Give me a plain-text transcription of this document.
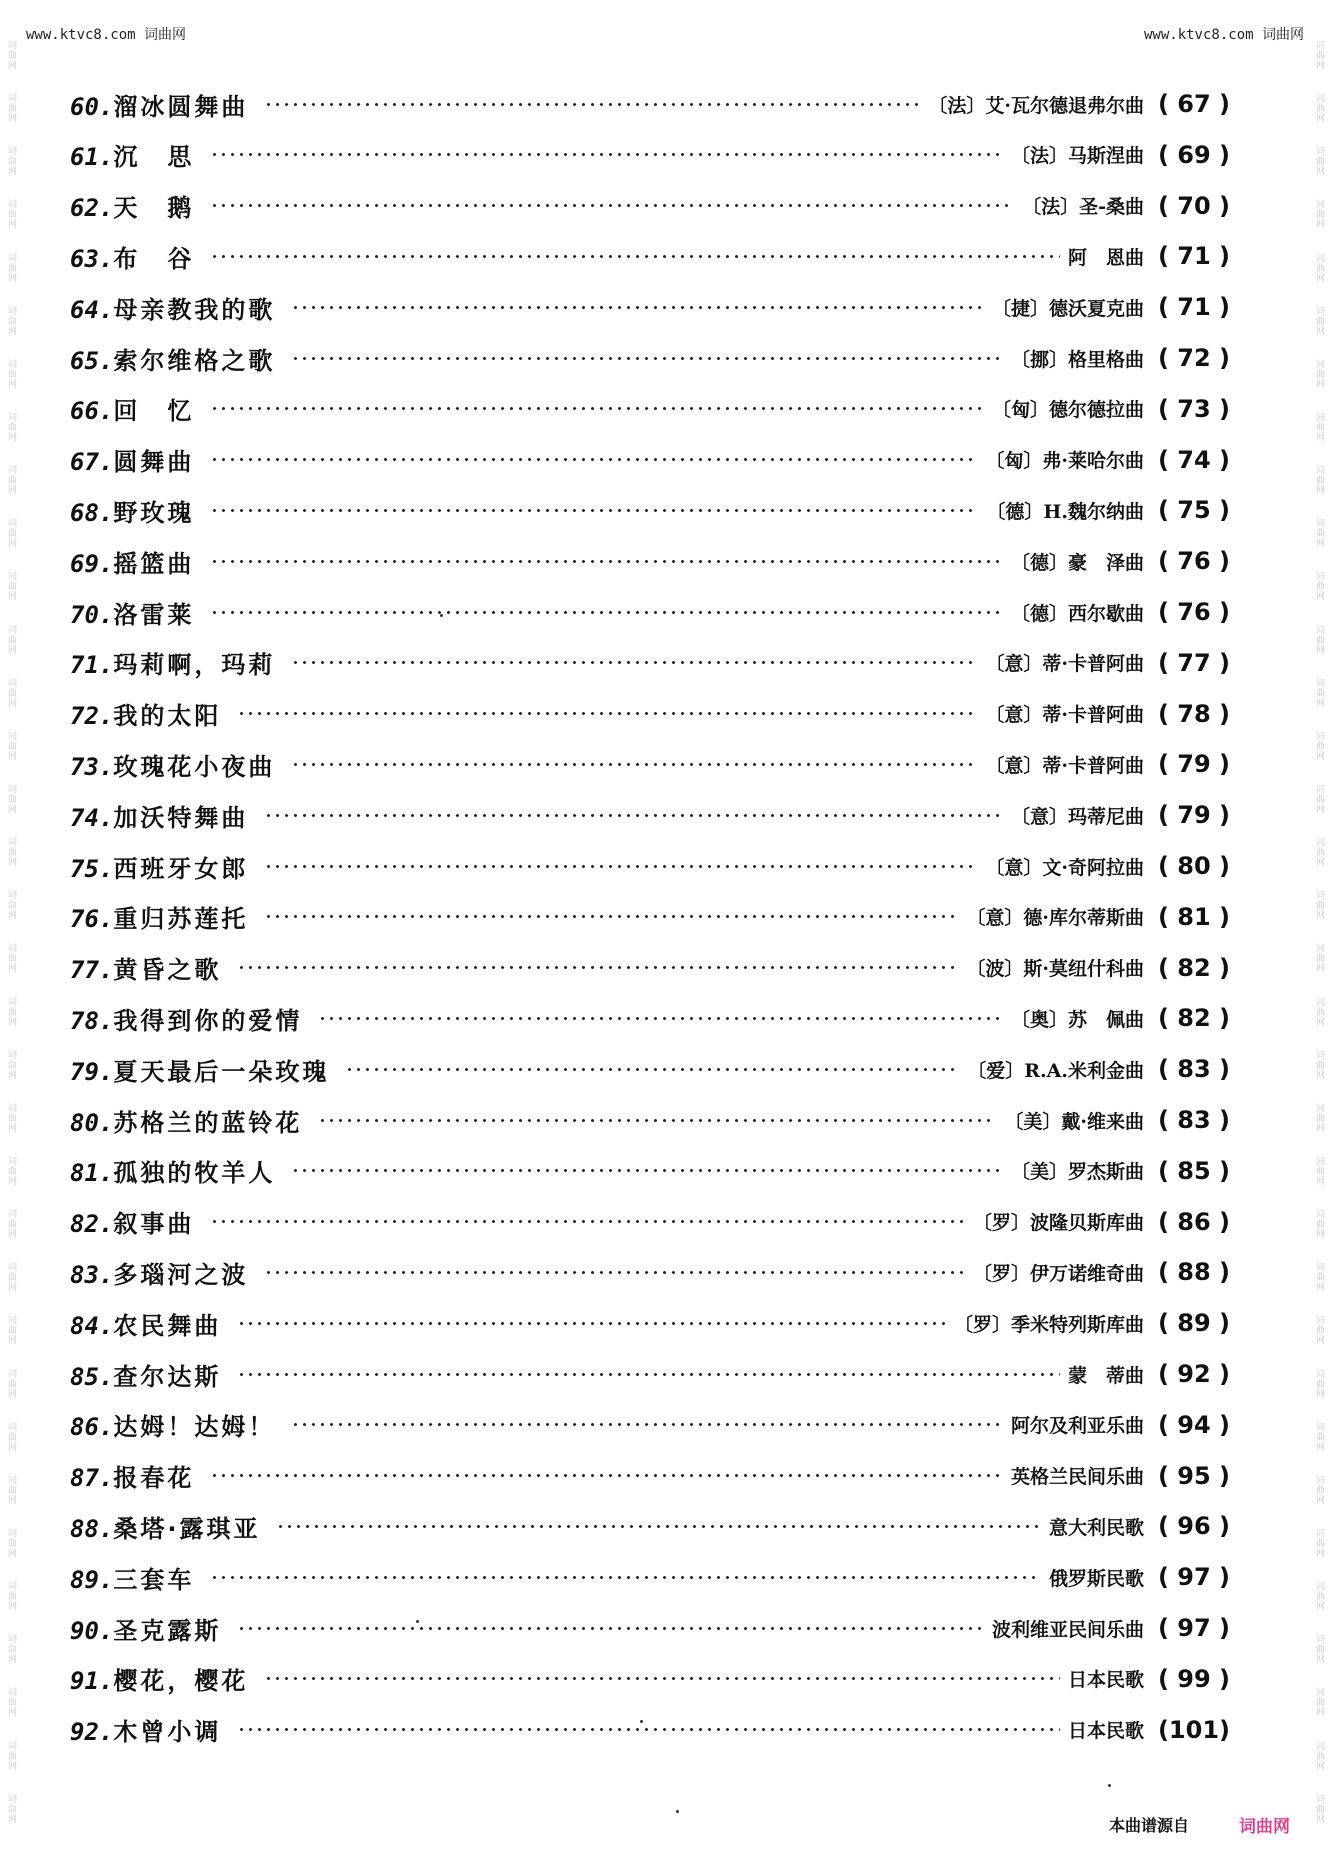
词曲网
词曲网
词曲网
词曲网
词曲网
词曲网
词曲网
词曲网
词曲网
词曲网
词曲网
词曲网
词曲网
词曲网
词曲网
词曲网
词曲网
词曲网
词曲网
词曲网
词曲网
词曲网
词曲网
词曲网
词曲网
词曲网
词曲网
词曲网
词曲网
词曲网
词曲网
词曲网
词曲网
词曲网
词曲网
词曲网
词曲网
词曲网
词曲网
词曲网
词曲网
词曲网
词曲网
词曲网
词曲网
词曲网
词曲网
词曲网
词曲网
词曲网
词曲网
词曲网
词曲网
词曲网
词曲网
词曲网
词曲网
词曲网
词曲网
词曲网
词曲网
词曲网
词曲网
词曲网
词曲网
词曲网
词曲网
词曲网
www.ktvc8.com 词曲网	www.ktvc8.com 词曲网
60.溜冰圆舞曲	〔法〕艾·瓦尔德退弗尔曲 ( 67 )
61.沉　思	〔法〕马斯涅曲 ( 69 )
62.天　鹅	〔法〕圣-桑曲 ( 70 )
63.布　谷	阿　恩曲 ( 71 )
64.母亲教我的歌	〔捷〕德沃夏克曲 ( 71 )
65.索尔维格之歌	〔挪〕格里格曲 ( 72 )
66.回　忆	〔匈〕德尔德拉曲 ( 73 )
67.圆舞曲	〔匈〕弗·莱哈尔曲 ( 74 )
68.野玫瑰	〔德〕H.魏尔纳曲 ( 75 )
69.摇篮曲	〔德〕豪　泽曲 ( 76 )
70.洛雷莱	〔德〕西尔歇曲 ( 76 )
71.玛莉啊，玛莉	〔意〕蒂·卡普阿曲 ( 77 )
72.我的太阳	〔意〕蒂·卡普阿曲 ( 78 )
73.玫瑰花小夜曲	〔意〕蒂·卡普阿曲 ( 79 )
74.加沃特舞曲	〔意〕玛蒂尼曲 ( 79 )
75.西班牙女郎	〔意〕文·奇阿拉曲 ( 80 )
76.重归苏莲托	〔意〕德·库尔蒂斯曲 ( 81 )
77.黄昏之歌	〔波〕斯·莫纽什科曲 ( 82 )
78.我得到你的爱情	〔奥〕苏　佩曲 ( 82 )
79.夏天最后一朵玫瑰	〔爱〕R.A.米利金曲 ( 83 )
80.苏格兰的蓝铃花	〔美〕戴·维来曲 ( 83 )
81.孤独的牧羊人	〔美〕罗杰斯曲 ( 85 )
82.叙事曲	〔罗〕波隆贝斯库曲 ( 86 )
83.多瑙河之波	〔罗〕伊万诺维奇曲 ( 88 )
84.农民舞曲	〔罗〕季米特列斯库曲 ( 89 )
85.查尔达斯	蒙　蒂曲 ( 92 )
86.达姆！达姆！	阿尔及利亚乐曲 ( 94 )
87.报春花	英格兰民间乐曲 ( 95 )
88.桑塔·露琪亚	意大利民歌 ( 96 )
89.三套车	俄罗斯民歌 ( 97 )
90.圣克露斯	波利维亚民间乐曲 ( 97 )
91.樱花，樱花	日本民歌 ( 99 )
92.木曾小调	日本民歌 (101)
本曲谱源自	词曲网
